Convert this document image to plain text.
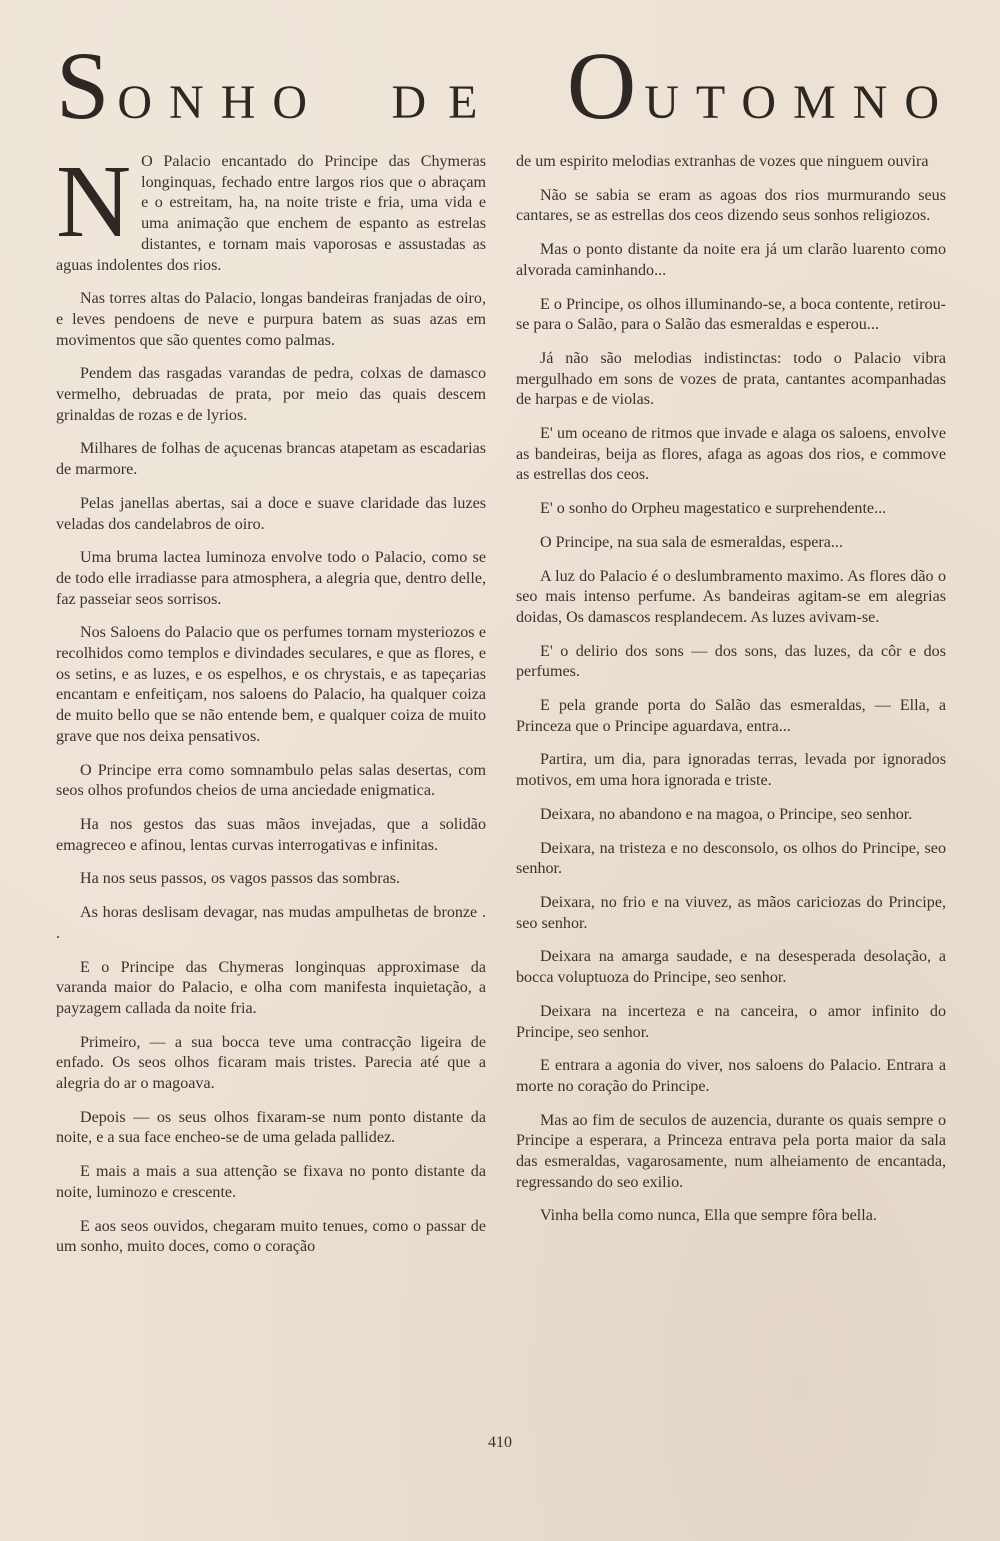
S ONHO DE O UTOMNO

N O Palacio encantado do Principe das Chymeras longinquas, fechado entre largos rios que o abraçam e o estreitam, ha, na noite triste e fria, uma vida e uma animação que enchem de espanto as estrelas distantes, e tornam mais vaporosas e assustadas as aguas indolentes dos rios.

Nas torres altas do Palacio, longas bandeiras franjadas de oiro, e leves pendoens de neve e purpura batem as suas azas em movimentos que são quentes como palmas.

Pendem das rasgadas varandas de pedra, colxas de damasco vermelho, debruadas de prata, por meio das quais descem grinaldas de rozas e de lyrios.

Milhares de folhas de açucenas brancas atapetam as escadarias de marmore.

Pelas janellas abertas, sai a doce e suave claridade das luzes veladas dos candelabros de oiro.

Uma bruma lactea luminoza envolve todo o Palacio, como se de todo elle irradiasse para atmosphera, a alegria que, dentro delle, faz passeiar seos sorrisos.

Nos Saloens do Palacio que os perfumes tornam mysteriozos e recolhidos como templos e divindades seculares, e que as flores, e os setins, e as luzes, e os espelhos, e os chrystais, e as tapeçarias encantam e enfeitiçam, nos saloens do Palacio, ha qualquer coiza de muito bello que se não entende bem, e qualquer coiza de muito grave que nos deixa pensativos.

O Principe erra como somnambulo pelas salas desertas, com seos olhos profundos cheios de uma anciedade enigmatica.

Ha nos gestos das suas mãos invejadas, que a solidão emagreceo e afinou, lentas curvas interrogativas e infinitas.

Ha nos seus passos, os vagos passos das sombras.

As horas deslisam devagar, nas mudas ampulhetas de bronze . .

E o Principe das Chymeras longinquas approximase da varanda maior do Palacio, e olha com manifesta inquietação, a payzagem callada da noite fria.

Primeiro, — a sua bocca teve uma contracção ligeira de enfado. Os seos olhos ficaram mais tristes. Parecia até que a alegria do ar o magoava.

Depois — os seus olhos fixaram-se num ponto distante da noite, e a sua face encheo-se de uma gelada pallidez.

E mais a mais a sua attenção se fixava no ponto distante da noite, luminozo e crescente.

E aos seos ouvidos, chegaram muito tenues, como o passar de um sonho, muito doces, como o coração

de um espirito melodias extranhas de vozes que ninguem ouvira

Não se sabia se eram as agoas dos rios murmurando seus cantares, se as estrellas dos ceos dizendo seus sonhos religiozos.

Mas o ponto distante da noite era já um clarão luarento como alvorada caminhando...

E o Principe, os olhos illuminando-se, a boca contente, retirou-se para o Salão, para o Salão das esmeraldas e esperou...

Já não são melodias indistinctas: todo o Palacio vibra mergulhado em sons de vozes de prata, cantantes acompanhadas de harpas e de violas.

E' um oceano de ritmos que invade e alaga os saloens, envolve as bandeiras, beija as flores, afaga as agoas dos rios, e commove as estrellas dos ceos.

E' o sonho do Orpheu magestatico e surprehendente...

O Principe, na sua sala de esmeraldas, espera...

A luz do Palacio é o deslumbramento maximo. As flores dão o seo mais intenso perfume. As bandeiras agitam-se em alegrias doidas, Os damascos resplandecem. As luzes avivam-se.

E' o delirio dos sons — dos sons, das luzes, da côr e dos perfumes.

E pela grande porta do Salão das esmeraldas, — Ella, a Princeza que o Principe aguardava, entra...

Partira, um dia, para ignoradas terras, levada por ignorados motivos, em uma hora ignorada e triste.

Deixara, no abandono e na magoa, o Principe, seo senhor.

Deixara, na tristeza e no desconsolo, os olhos do Principe, seo senhor.

Deixara, no frio e na viuvez, as mãos cariciozas do Principe, seo senhor.

Deixara na amarga saudade, e na desesperada desolação, a bocca voluptuoza do Principe, seo senhor.

Deixara na incerteza e na canceira, o amor infinito do Principe, seo senhor.

E entrara a agonia do viver, nos saloens do Palacio. Entrara a morte no coração do Principe.

Mas ao fim de seculos de auzencia, durante os quais sempre o Principe a esperara, a Princeza entrava pela porta maior da sala das esmeraldas, vagarosamente, num alheiamento de encantada, regressando do seo exilio.

Vinha bella como nunca, Ella que sempre fôra bella.

410
